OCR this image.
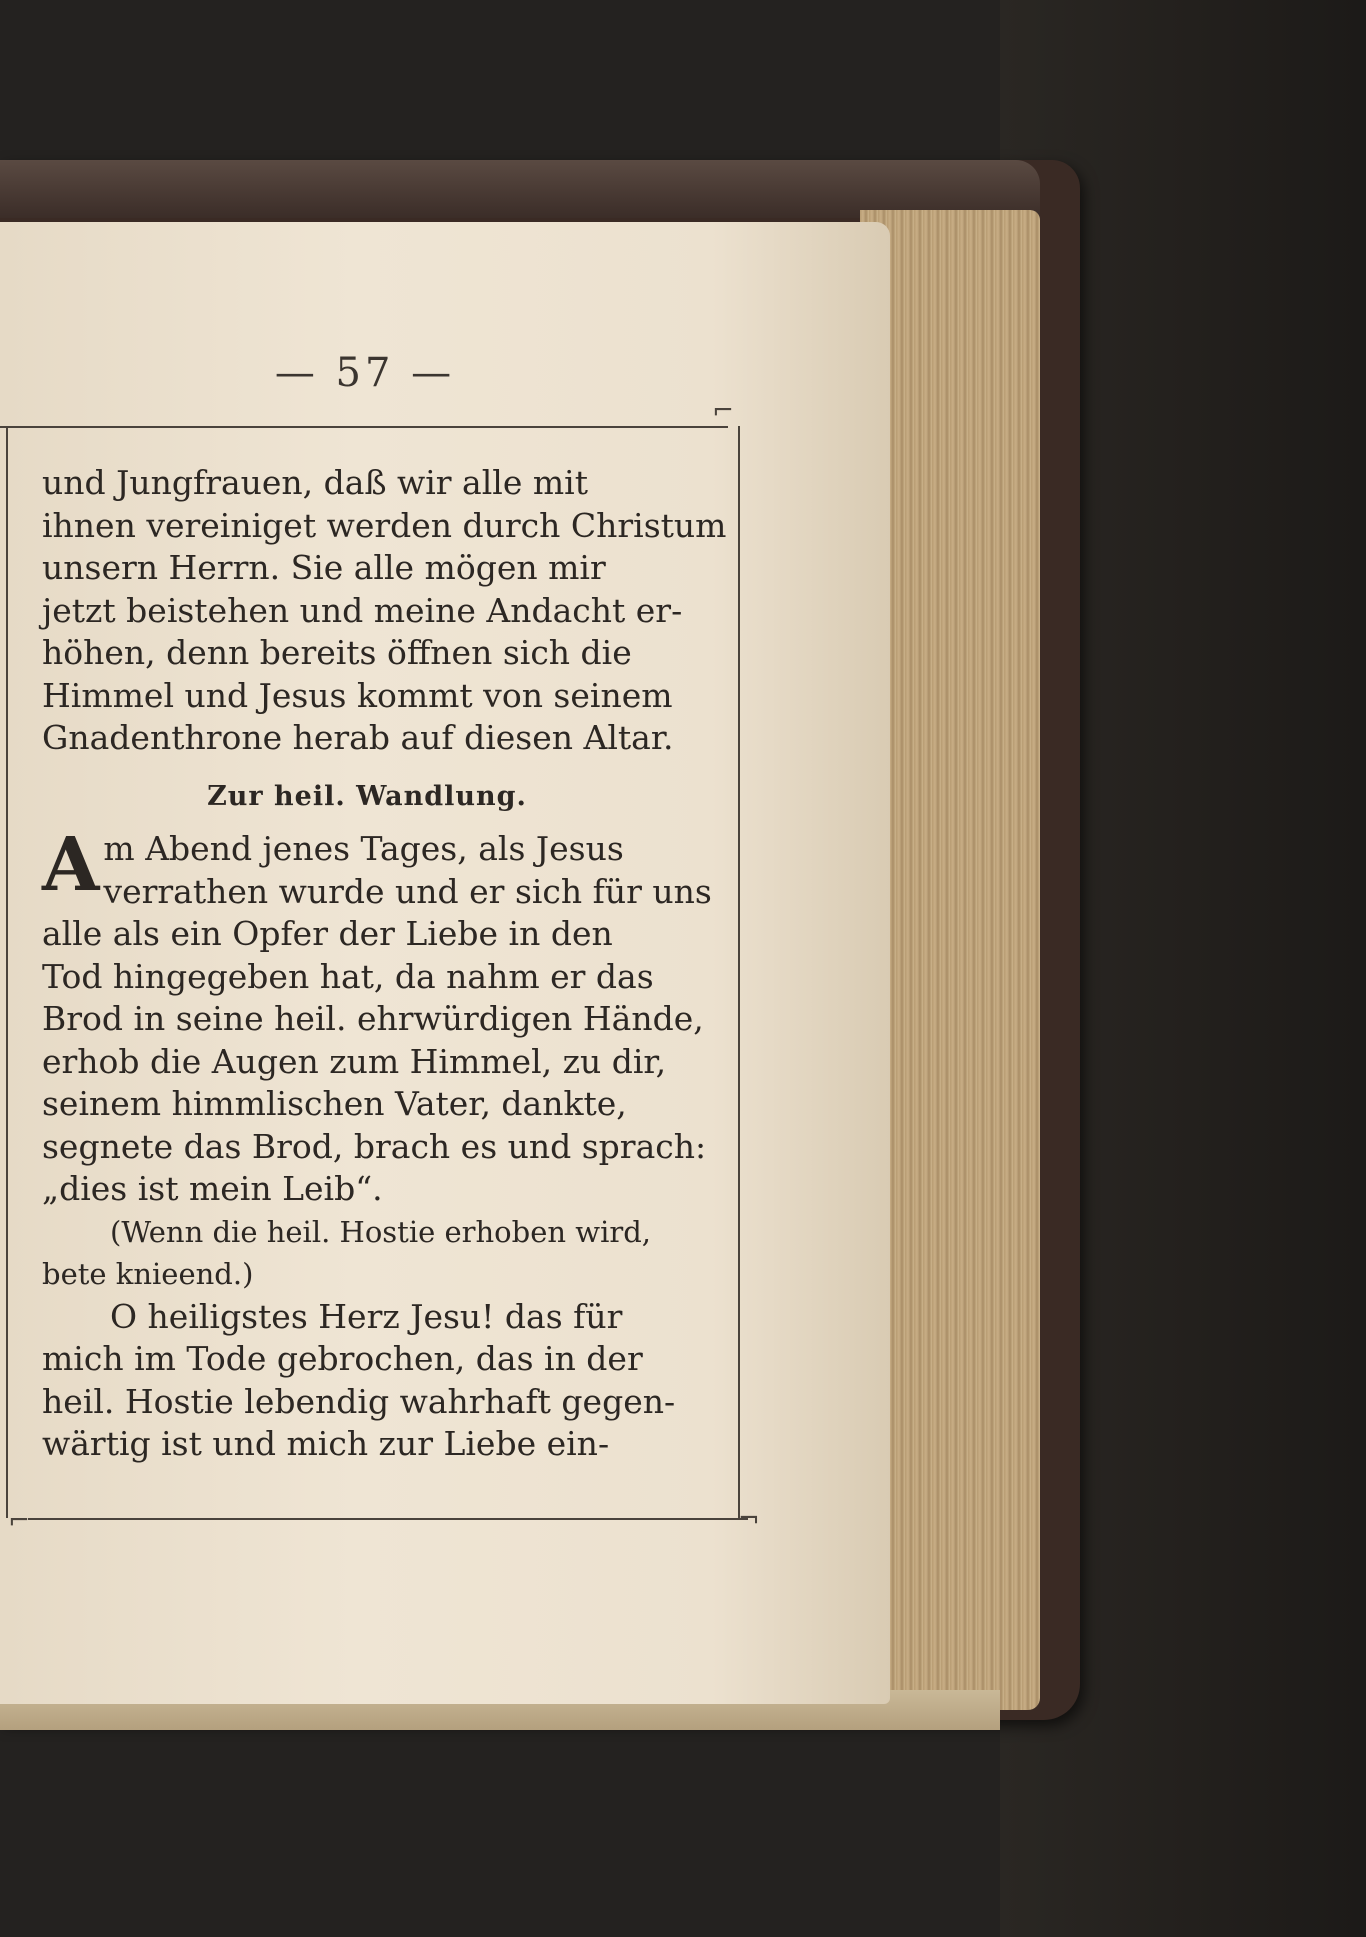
— 57 —
⌐
⌐	¬

und Jungfrauen, daß wir alle mit
ihnen vereiniget werden durch Christum
unsern Herrn. Sie alle mögen mir
jetzt beistehen und meine Andacht er-
höhen, denn bereits öffnen sich die
Himmel und Jesus kommt von seinem
Gnadenthrone herab auf diesen Altar.

Zur heil. Wandlung.

A m Abend jenes Tages, als Jesus
verrathen wurde und er sich für uns
alle als ein Opfer der Liebe in den
Tod hingegeben hat, da nahm er das
Brod in seine heil. ehrwürdigen Hände,
erhob die Augen zum Himmel, zu dir,
seinem himmlischen Vater, dankte,
segnete das Brod, brach es und sprach:
„dies ist mein Leib“.

(Wenn die heil. Hostie erhoben wird,
bete knieend.)

O heiligstes Herz Jesu! das für
mich im Tode gebrochen, das in der
heil. Hostie lebendig wahrhaft gegen-
wärtig ist und mich zur Liebe ein-
